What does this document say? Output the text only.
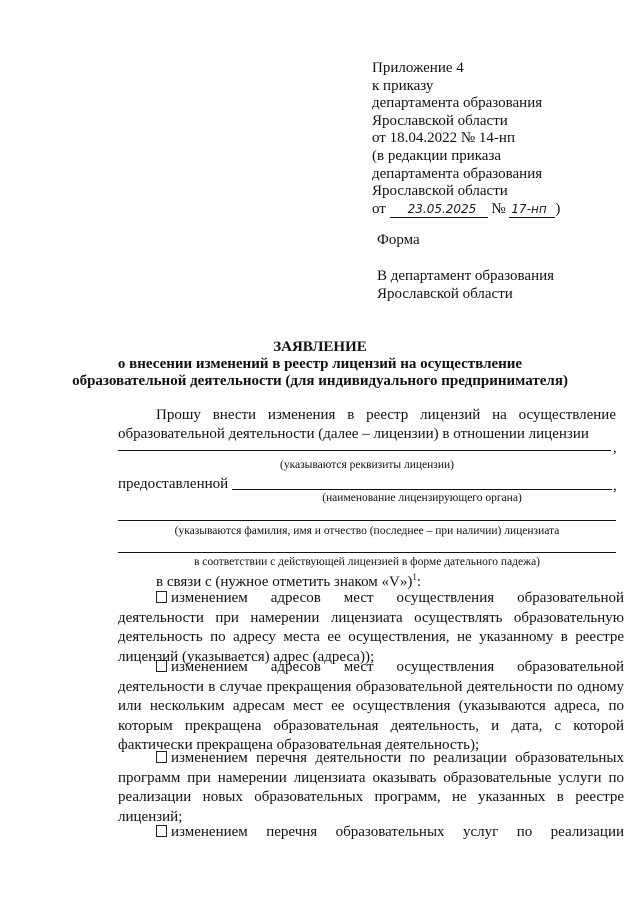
Приложение 4
к приказу
департамента образования
Ярославской области
от 18.04.2022 № 14-нп
(в редакции приказа
департамента образования
Ярославской области
от 23.05.2025 № 17-нп )
Форма
В департамент образования
Ярославской области
ЗАЯВЛЕНИЕ
о внесении изменений в реестр лицензий на осуществление
образовательной деятельности (для индивидуального предпринимателя)
Прошу внести изменения в реестр лицензий на осуществление образовательной деятельности (далее – лицензии) в отношении лицензии
,
(указываются реквизиты лицензии)
предоставленной	,
(наименование лицензирующего органа)
(указываются фамилия, имя и отчество (последнее – при наличии) лицензиата
в соответствии с действующей лицензией в форме дательного падежа)
в связи с (нужное отметить знаком «V»)$^1$:
изменением адресов мест осуществления образовательной деятельности при намерении лицензиата осуществлять образовательную деятельность по адресу места ее осуществления, не указанному в реестре лицензий (указывается) адрес (адреса));
изменением адресов мест осуществления образовательной деятельности в случае прекращения образовательной деятельности по одному или нескольким адресам мест ее осуществления (указываются адреса, по которым прекращена образовательная деятельность, и дата, с которой фактически прекращена образовательная деятельность);
изменением перечня деятельности по реализации образовательных программ при намерении лицензиата оказывать образовательные услуги по реализации новых образовательных программ, не указанных в реестре лицензий;
изменением перечня образовательных услуг по реализации
